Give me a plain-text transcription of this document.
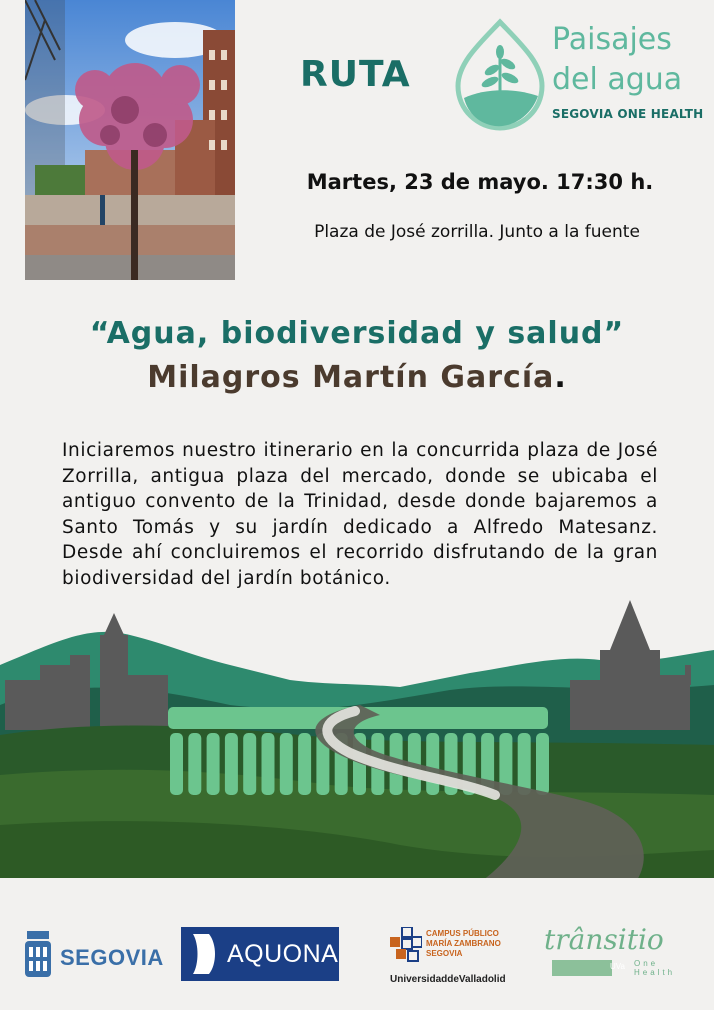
RUTA
Paisajes
del agua
SEGOVIA ONE HEALTH
Martes, 23 de mayo. 17:30 h.
Plaza de José zorrilla. Junto a la fuente
“Agua, biodiversidad y salud”
Milagros Martín García.
Iniciaremos nuestro itinerario en la concurrida plaza de José Zorrilla, antigua plaza del mercado, donde se ubicaba el antiguo convento de la Trinidad, desde donde bajaremos a Santo Tomás y su jardín dedicado a Alfredo Matesanz. Desde ahí concluiremos el recorrido disfrutando de la gran biodiversidad del jardín botánico.
SEGOVIA	AQUONA
CAMPUS PÚBLICO
MARÍA ZAMBRANO
SEGOVIA
UniversidaddeValladolid
trânsitio
UVa One Health
